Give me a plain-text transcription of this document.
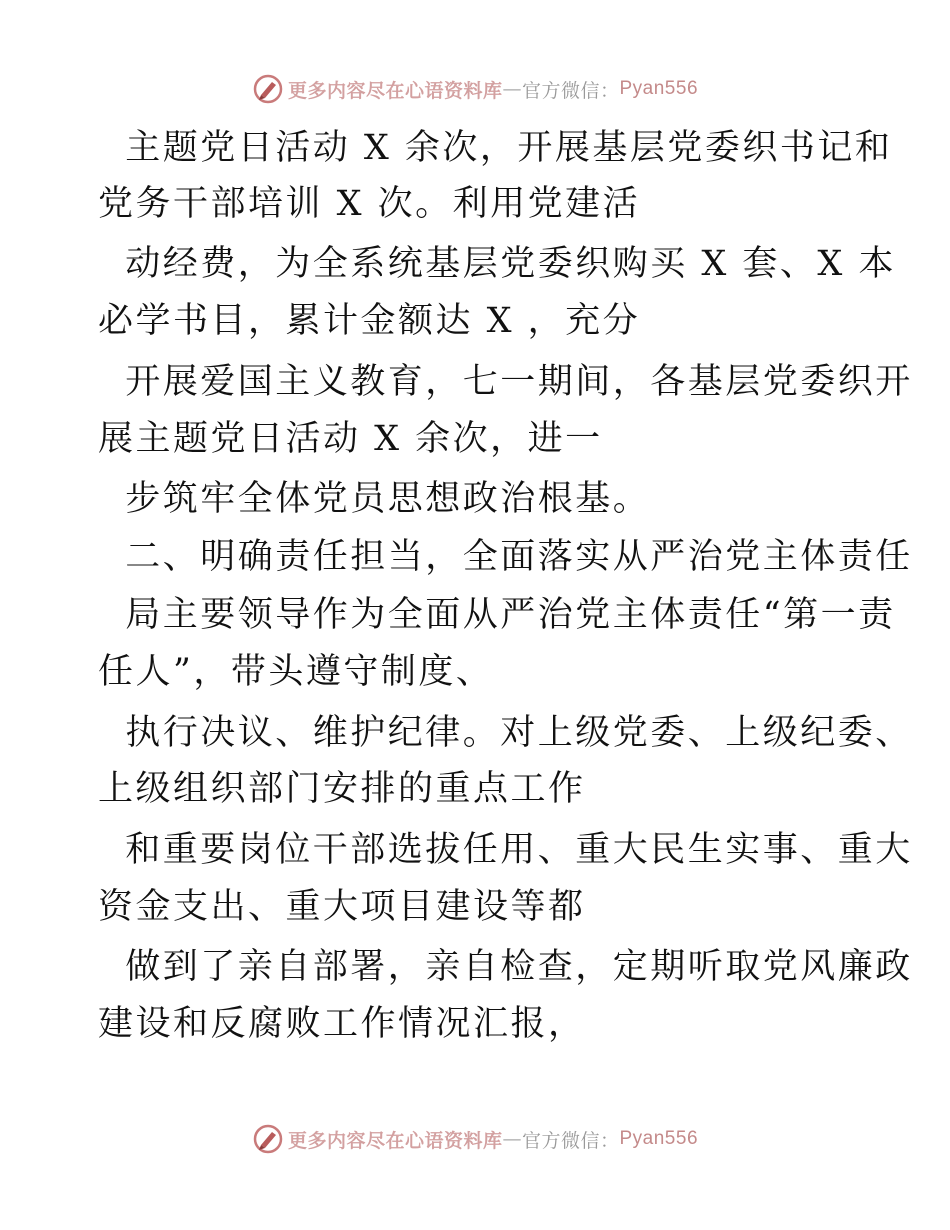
更多内容尽在心语资料库 — 官方微信： Pyan556
主题党日活动 X 余次，开展基层党委织书记和
党务干部培训 X 次。利用党建活
动经费，为全系统基层党委织购买 X 套、X 本
必学书目，累计金额达 X ，充分
开展爱国主义教育，七一期间，各基层党委织开
展主题党日活动 X 余次，进一
步筑牢全体党员思想政治根基。
二、明确责任担当，全面落实从严治党主体责任
局主要领导作为全面从严治党主体责任“第一责
任人”，带头遵守制度、
执行决议、维护纪律。对上级党委、上级纪委、
上级组织部门安排的重点工作
和重要岗位干部选拔任用、重大民生实事、重大
资金支出、重大项目建设等都
做到了亲自部署，亲自检查，定期听取党风廉政
建设和反腐败工作情况汇报，
更多内容尽在心语资料库 — 官方微信： Pyan556
